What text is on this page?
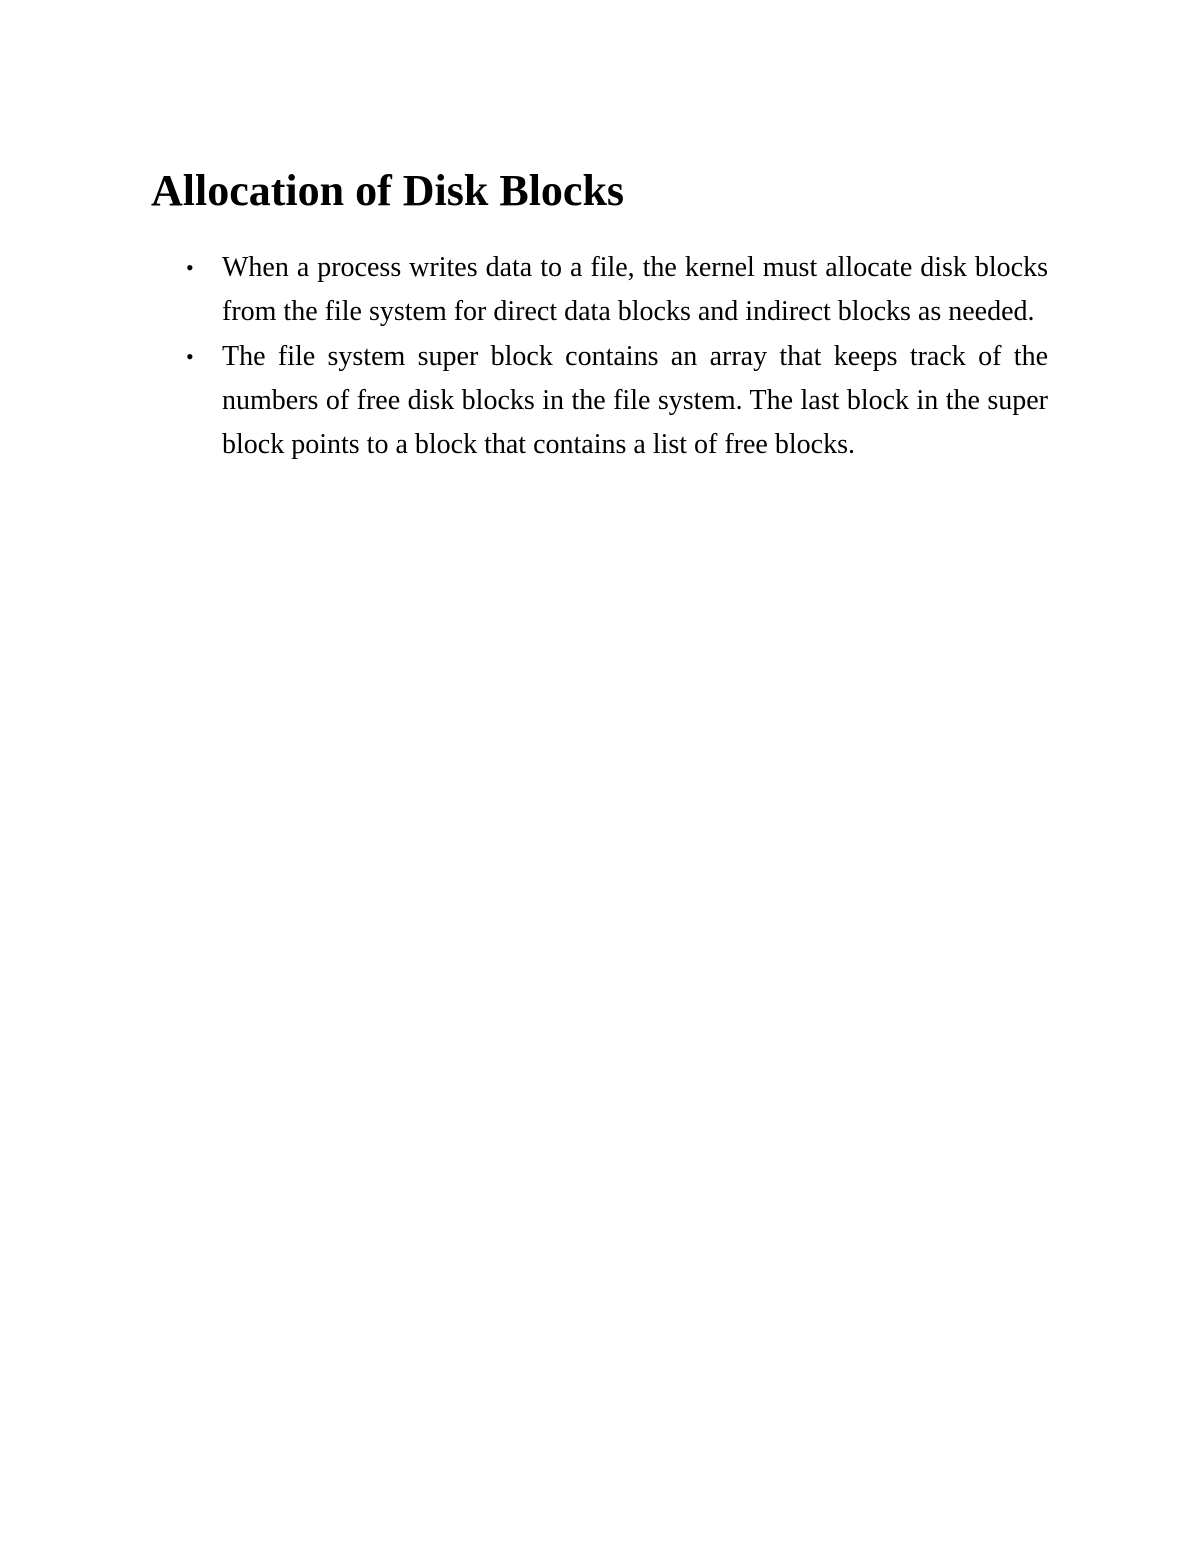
Allocation of Disk Blocks
• When a process writes data to a file, the kernel must allocate disk blocks from the file system for direct data blocks and indirect blocks as needed.
• The file system super block contains an array that keeps track of the numbers of free disk blocks in the file system. The last block in the super block points to a block that contains a list of free blocks.
